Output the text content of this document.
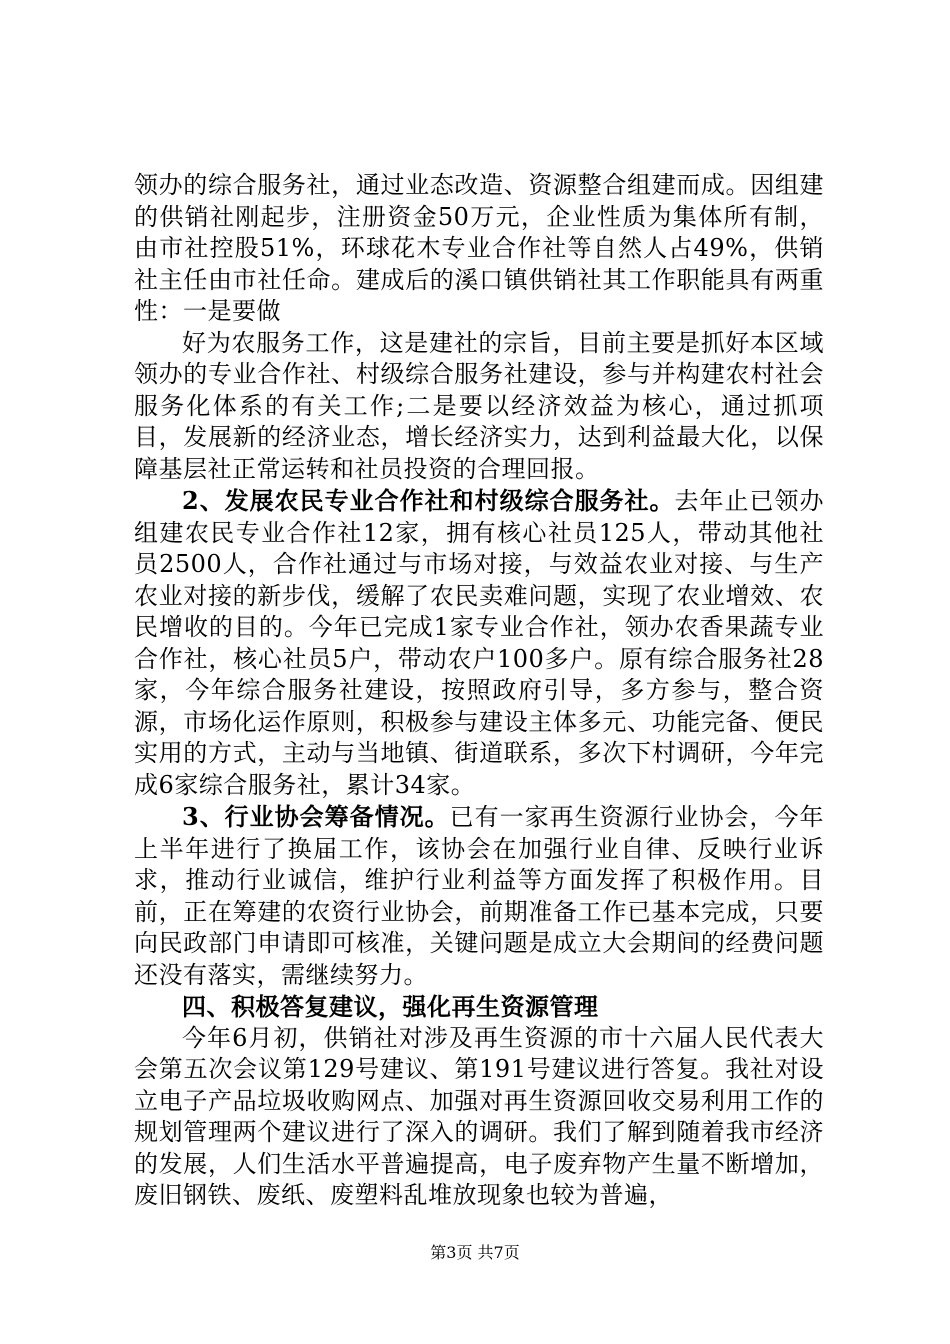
领办的综合服务社，通过业态改造、资源整合组建而成。因组建的供销社刚起步，注册资金50万元，企业性质为集体所有制，由市社控股51%，环球花木专业合作社等自然人占49%，供销社主任由市社任命。建成后的溪口镇供销社其工作职能具有两重性：一是要做

好为农服务工作，这是建社的宗旨，目前主要是抓好本区域领办的专业合作社、村级综合服务社建设，参与并构建农村社会服务化体系的有关工作;二是要以经济效益为核心，通过抓项目，发展新的经济业态，增长经济实力，达到利益最大化，以保障基层社正常运转和社员投资的合理回报。

2、发展农民专业合作社和村级综合服务社。去年止已领办组建农民专业合作社12家，拥有核心社员125人，带动其他社员2500人，合作社通过与市场对接，与效益农业对接、与生产农业对接的新步伐，缓解了农民卖难问题，实现了农业增效、农民增收的目的。今年已完成1家专业合作社，领办农香果蔬专业合作社，核心社员5户，带动农户100多户。原有综合服务社28家，今年综合服务社建设，按照政府引导，多方参与，整合资源，市场化运作原则，积极参与建设主体多元、功能完备、便民实用的方式，主动与当地镇、街道联系，多次下村调研，今年完成6家综合服务社，累计34家。

3、行业协会筹备情况。已有一家再生资源行业协会，今年上半年进行了换届工作，该协会在加强行业自律、反映行业诉求，推动行业诚信，维护行业利益等方面发挥了积极作用。目前，正在筹建的农资行业协会，前期准备工作已基本完成，只要向民政部门申请即可核准，关键问题是成立大会期间的经费问题还没有落实，需继续努力。

四、积极答复建议，强化再生资源管理

今年6月初，供销社对涉及再生资源的市十六届人民代表大会第五次会议第129号建议、第191号建议进行答复。我社对设立电子产品垃圾收购网点、加强对再生资源回收交易利用工作的规划管理两个建议进行了深入的调研。我们了解到随着我市经济的发展，人们生活水平普遍提高，电子废弃物产生量不断增加，废旧钢铁、废纸、废塑料乱堆放现象也较为普遍，

第3页 共7页
